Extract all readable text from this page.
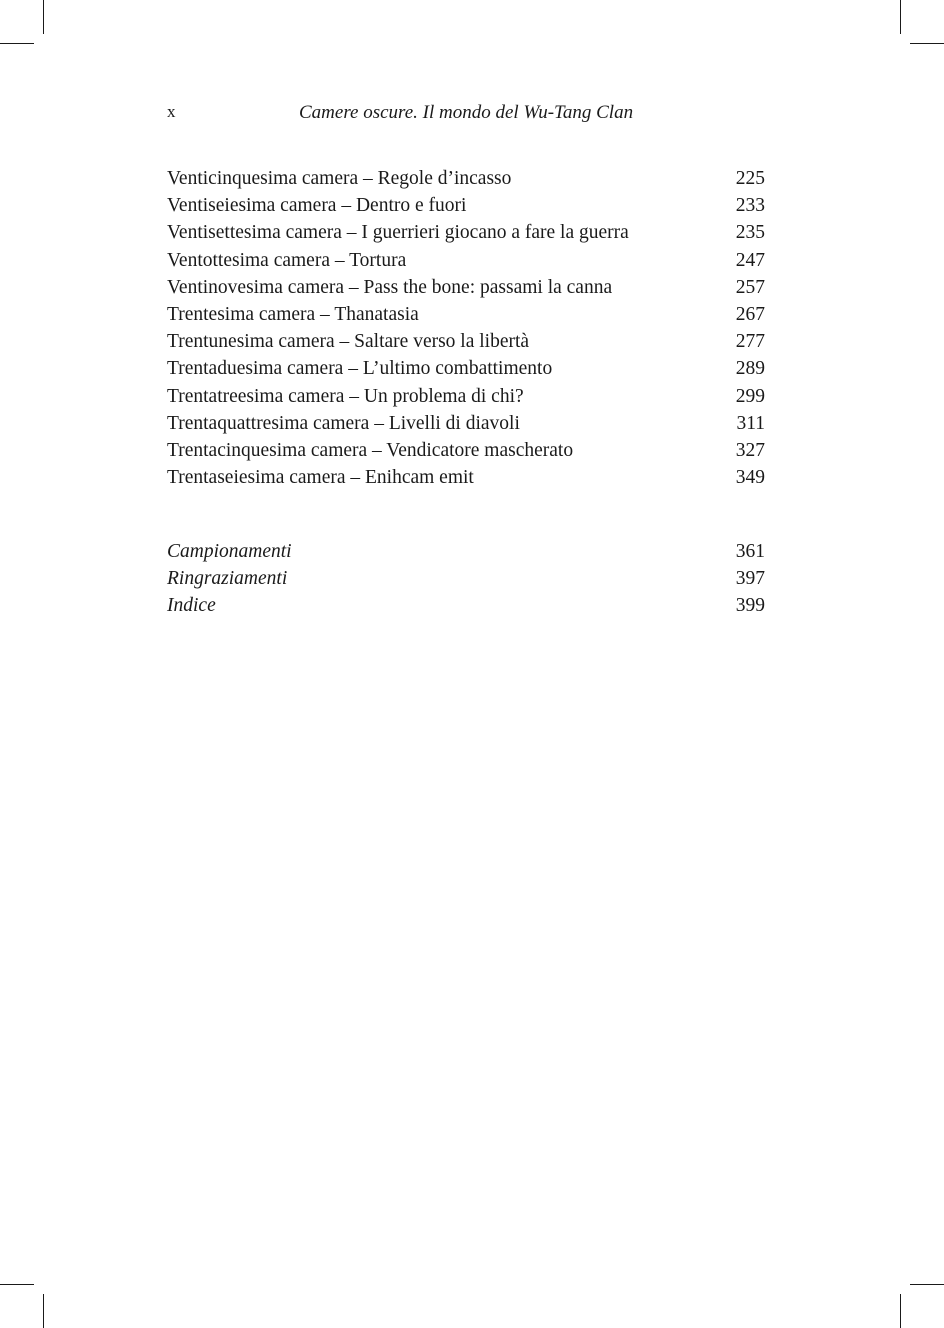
x	Camere oscure. Il mondo del Wu-Tang Clan
Venticinquesima camera – Regole d’incasso	225
Ventiseiesima camera – Dentro e fuori	233
Ventisettesima camera – I guerrieri giocano a fare la guerra	235
Ventottesima camera – Tortura	247
Ventinovesima camera – Pass the bone: passami la canna	257
Trentesima camera – Thanatasia	267
Trentunesima camera – Saltare verso la libertà	277
Trentaduesima camera – L’ultimo combattimento	289
Trentatreesima camera – Un problema di chi?	299
Trentaquattresima camera – Livelli di diavoli	311
Trentacinquesima camera – Vendicatore mascherato	327
Trentaseiesima camera – Enihcam emit	349
Campionamenti	361
Ringraziamenti	397
Indice	399
